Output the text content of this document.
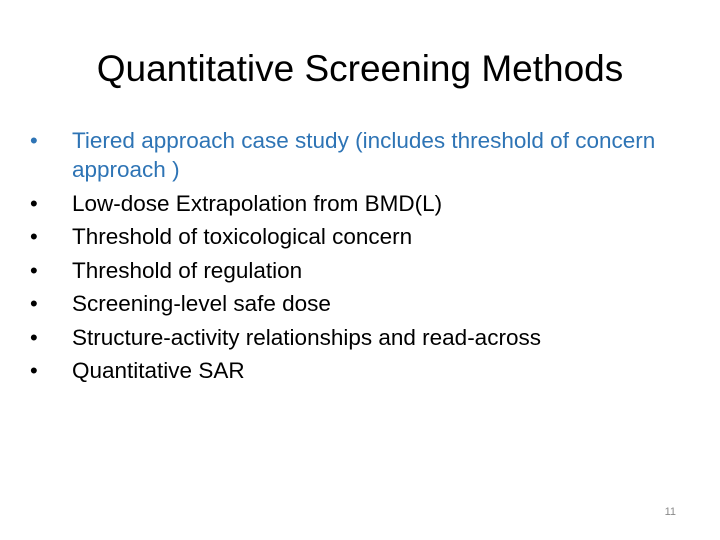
Quantitative Screening Methods
•	Tiered approach case study (includes threshold of concern approach )
•	Low-dose Extrapolation from BMD(L)
•	Threshold of toxicological concern
•	Threshold of regulation
•	Screening-level safe dose
•	Structure-activity relationships and read-across
•	Quantitative SAR
11
